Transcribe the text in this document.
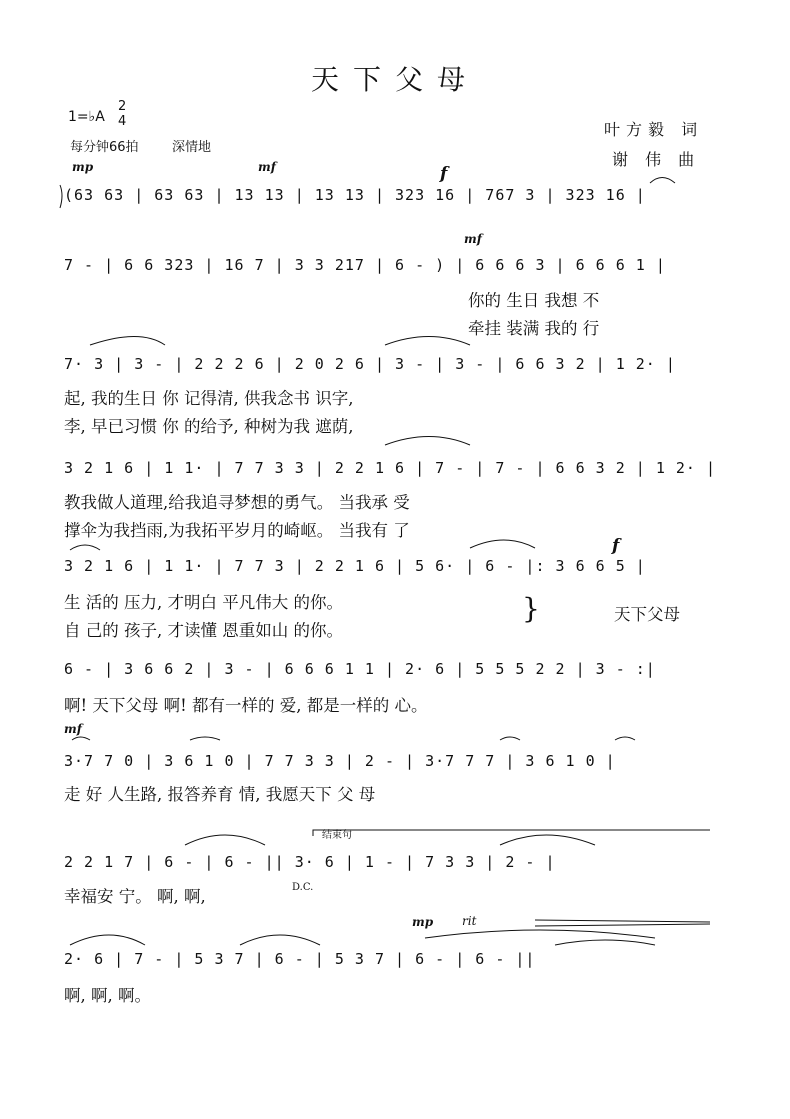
天下父母
1=♭A
2
4
每分钟66拍	深情地
叶方毅 词
谢 伟 曲
mp	mf	f
mf
f
mf
mp rit
结束句
D.C.
(63 63 | 63 63 | 13 13 | 13 13 | 323 16 | 767 3 | 323 16 |
7 - | 6 6 323 | 16 7 | 3 3 217 | 6 - ) | 6 6 6 3 | 6 6 6 1 |
你的 生日 我想 不
牵挂 装满 我的 行
7· 3 | 3 - | 2 2 2 6 | 2 0 2 6 | 3 - | 3 - | 6 6 3 2 | 1 2· |
起, 我的生日 你 记得清, 供我念书 识字,
李, 早已习惯 你 的给予, 种树为我 遮荫,
3 2 1 6 | 1 1· | 7 7 3 3 | 2 2 1 6 | 7 - | 7 - | 6 6 3 2 | 1 2· |
教我做人道理,给我追寻梦想的勇气。 当我承 受
撑伞为我挡雨,为我拓平岁月的崎岖。 当我有 了
3 2 1 6 | 1 1· | 7 7 3 | 2 2 1 6 | 5 6· | 6 - |: 3 6 6 5 |
生 活的 压力, 才明白 平凡伟大 的你。
自 己的 孩子, 才读懂 恩重如山 的你。
}	天下父母
6 - | 3 6 6 2 | 3 - | 6 6 6 1 1 | 2· 6 | 5 5 5 2 2 | 3 - :|
啊! 天下父母 啊! 都有一样的 爱, 都是一样的 心。
3·7 7 0 | 3 6 1 0 | 7 7 3 3 | 2 - | 3·7 7 7 | 3 6 1 0 |
走 好 人生路, 报答养育 情, 我愿天下 父 母
2 2 1 7 | 6 - | 6 - || 3· 6 | 1 - | 7 3 3 | 2 - |
幸福安 宁。 啊, 啊,
2· 6 | 7 - | 5 3 7 | 6 - | 5 3 7 | 6 - | 6 - ||
啊, 啊, 啊。
